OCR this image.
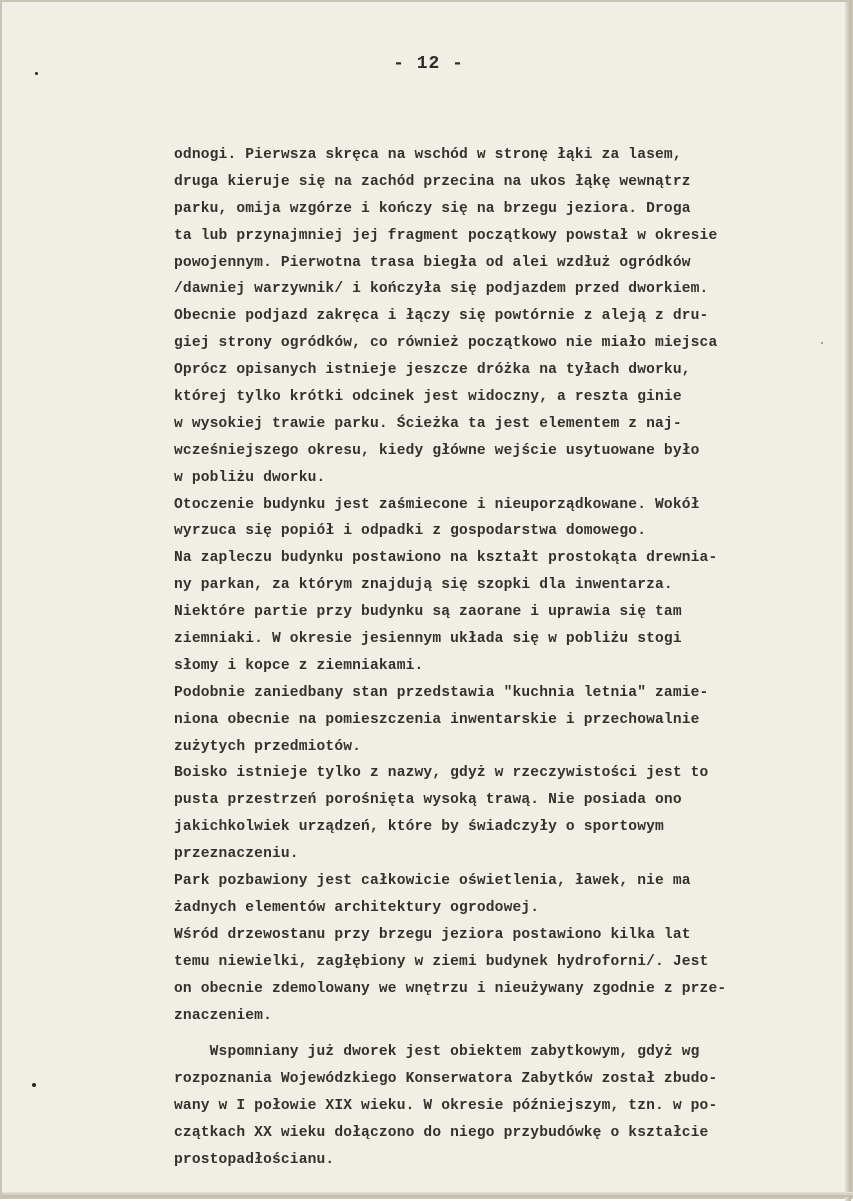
- 12 -
odnogi. Pierwsza skręca na wschód w stronę łąki za lasem,
druga kieruje się na zachód przecina na ukos łąkę wewnątrz
parku, omija wzgórze i kończy się na brzegu jeziora. Droga
ta lub przynajmniej jej fragment początkowy powstał w okresie
powojennym. Pierwotna trasa biegła od alei wzdłuż ogródków
/dawniej warzywnik/ i kończyła się podjazdem przed dworkiem.
Obecnie podjazd zakręca i łączy się powtórnie z aleją z dru-
giej strony ogródków, co również początkowo nie miało miejsca
Oprócz opisanych istnieje jeszcze dróżka na tyłach dworku,
której tylko krótki odcinek jest widoczny, a reszta ginie
w wysokiej trawie parku. Ścieżka ta jest elementem z naj-
wcześniejszego okresu, kiedy główne wejście usytuowane było
w pobliżu dworku.
Otoczenie budynku jest zaśmiecone i nieuporządkowane. Wokół
wyrzuca się popiół i odpadki z gospodarstwa domowego.
Na zapleczu budynku postawiono na kształt prostokąta drewnia-
ny parkan, za którym znajdują się szopki dla inwentarza.
Niektóre partie przy budynku są zaorane i uprawia się tam
ziemniaki. W okresie jesiennym układa się w pobliżu stogi
słomy i kopce z ziemniakami.
Podobnie zaniedbany stan przedstawia "kuchnia letnia" zamie-
niona obecnie na pomieszczenia inwentarskie i przechowalnie
zużytych przedmiotów.
Boisko istnieje tylko z nazwy, gdyż w rzeczywistości jest to
pusta przestrzeń porośnięta wysoką trawą. Nie posiada ono
jakichkolwiek urządzeń, które by świadczyły o sportowym
przeznaczeniu.
Park pozbawiony jest całkowicie oświetlenia, ławek, nie ma
żadnych elementów architektury ogrodowej.
Wśród drzewostanu przy brzegu jeziora postawiono kilka lat
temu niewielki, zagłębiony w ziemi budynek hydroforni/. Jest
on obecnie zdemolowany we wnętrzu i nieużywany zgodnie z prze-
znaczeniem.
Wspomniany już dworek jest obiektem zabytkowym, gdyż wg
rozpoznania Wojewódzkiego Konserwatora Zabytków został zbudo-
wany w I połowie XIX wieku. W okresie późniejszym, tzn. w po-
czątkach XX wieku dołączono do niego przybudówkę o kształcie
prostopadłościanu.
